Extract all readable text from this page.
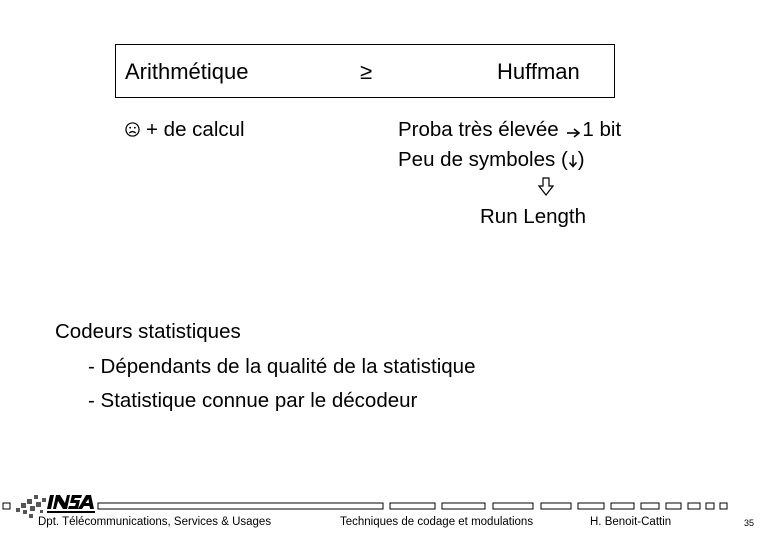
Arithmétique	≥	Huffman
+ de calcul	Proba très élevée 1 bit
Peu de symboles ( )
Run Length
Codeurs statistiques
- Dépendants de la qualité de la statistique
- Statistique connue par le décodeur
Dpt. Télécommunications, Services & Usages	Techniques de codage et modulations	H. Benoit-Cattin	35
